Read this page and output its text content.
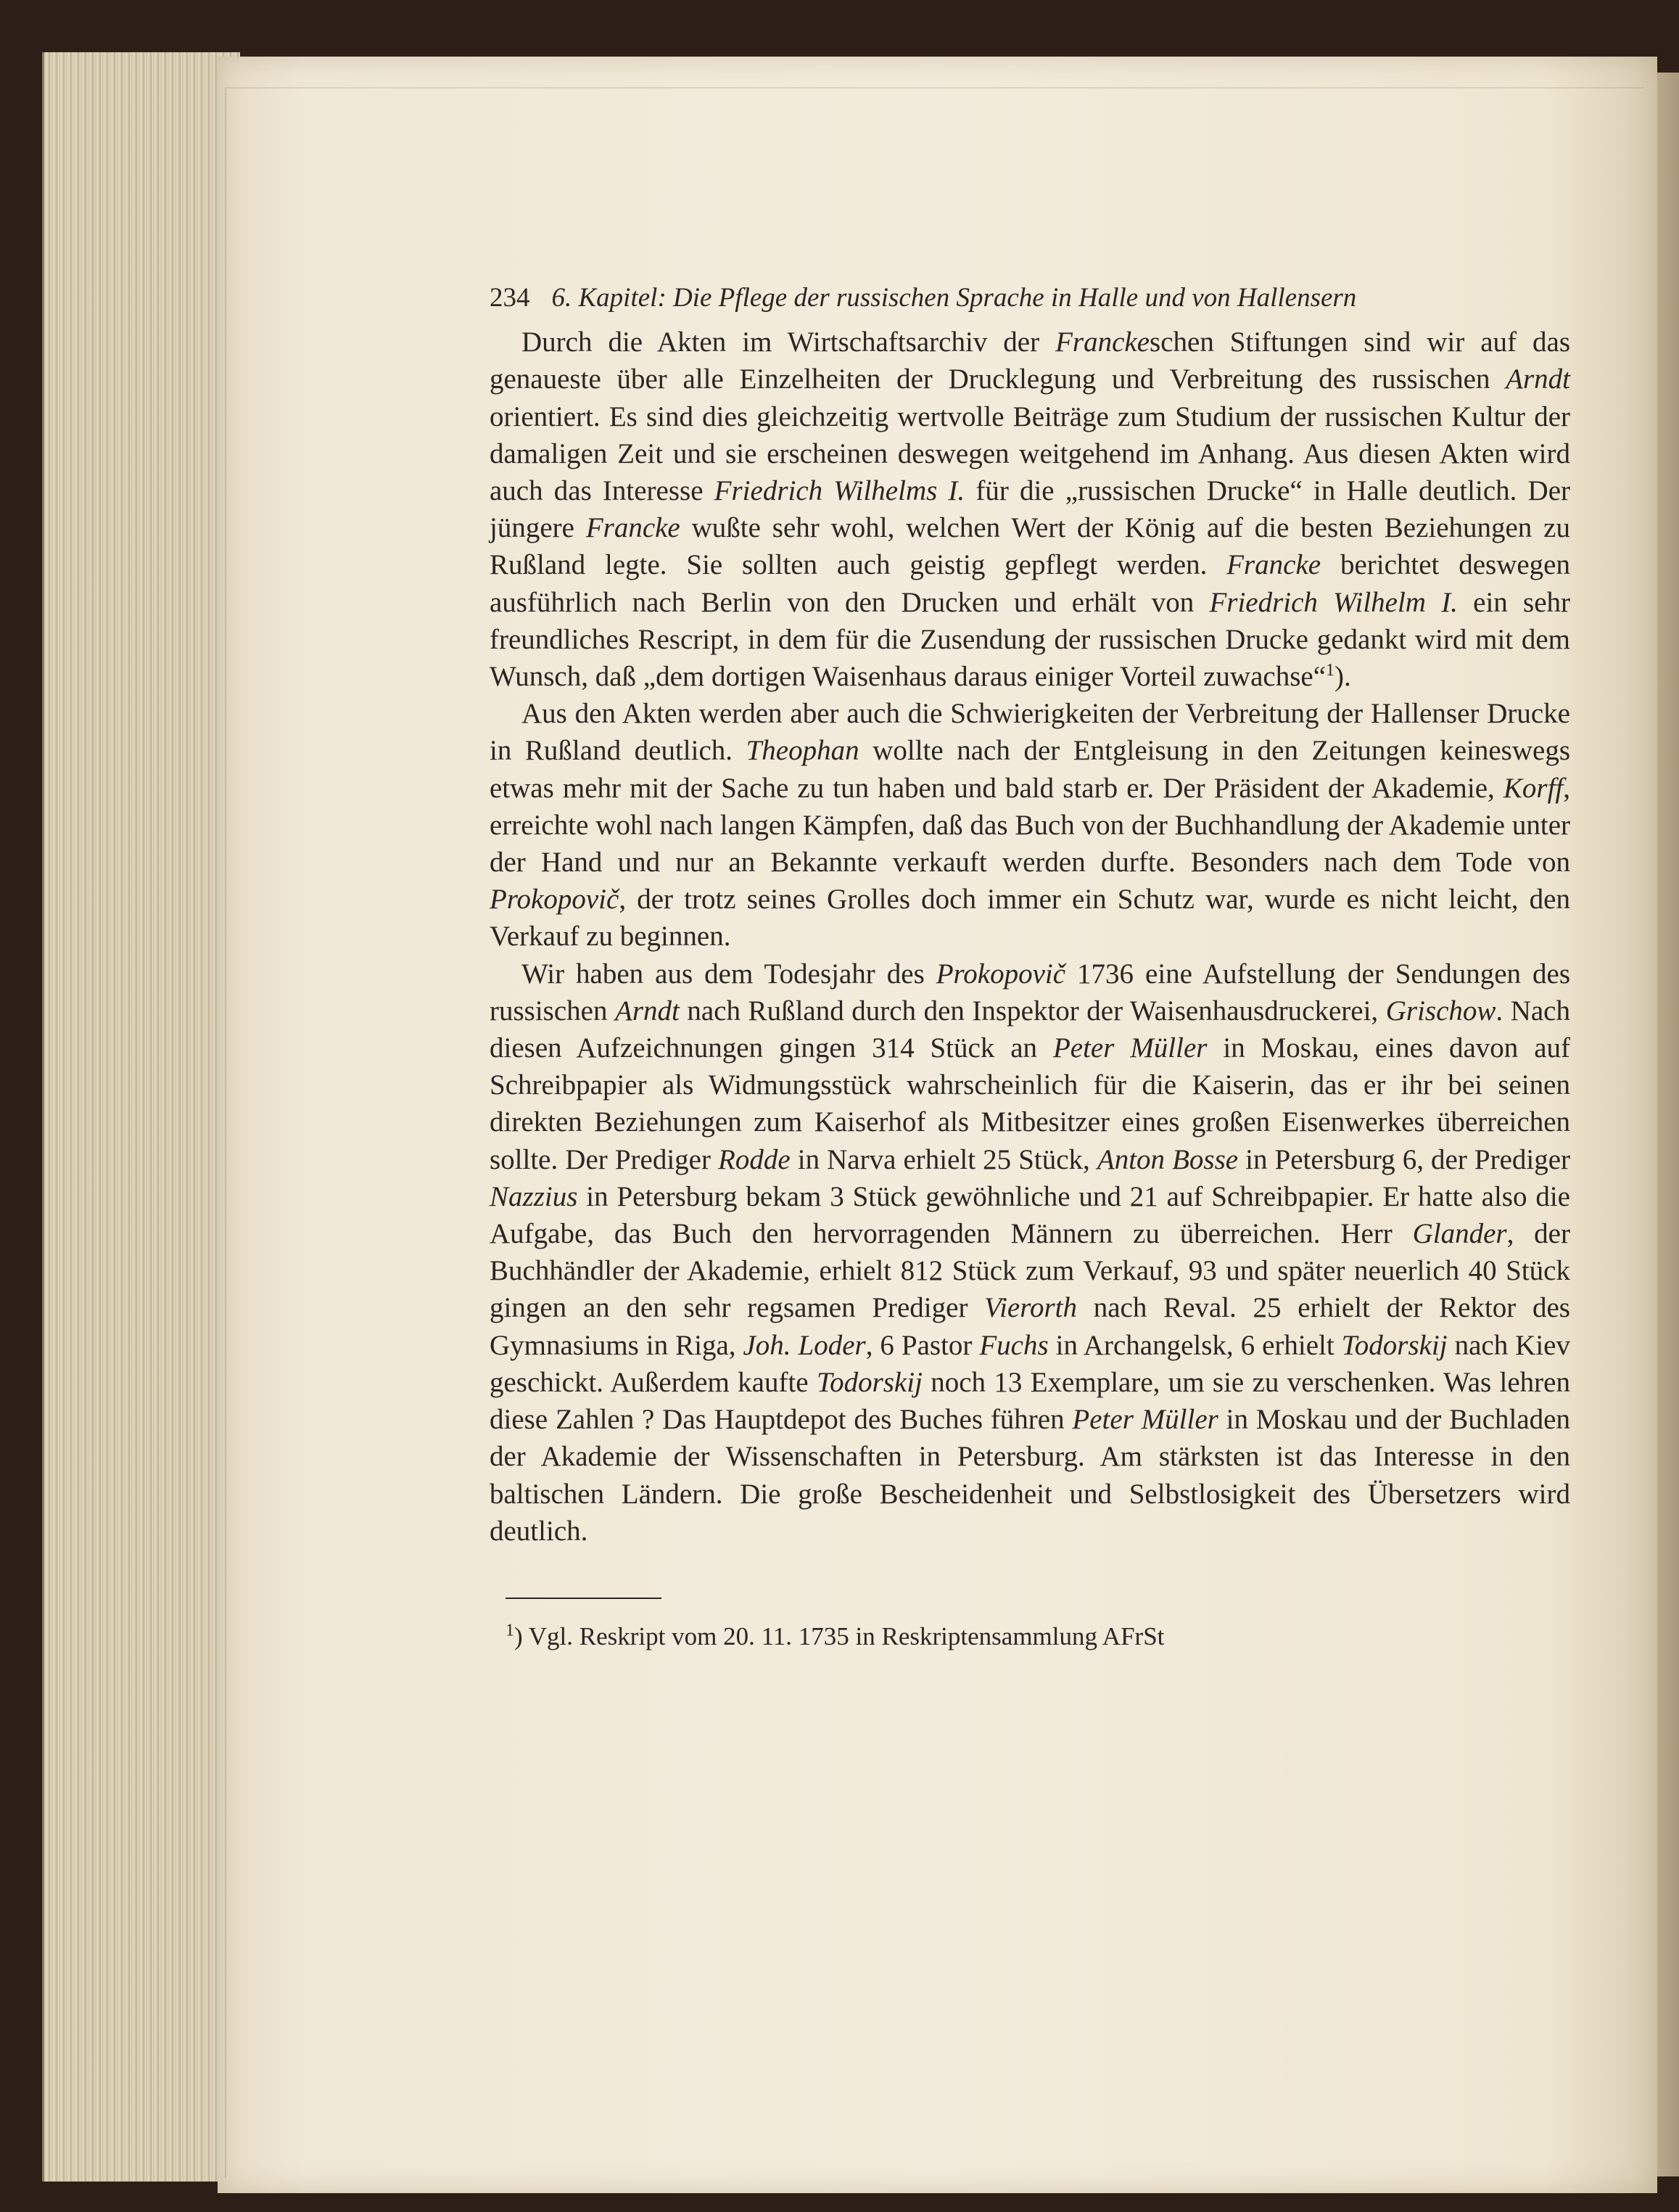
234 6. Kapitel: Die Pflege der russischen Sprache in Halle und von Hallensern

Durch die Akten im Wirtschaftsarchiv der Franckeschen Stiftungen sind wir auf das genaueste über alle Einzelheiten der Drucklegung und Verbreitung des russischen Arndt orientiert. Es sind dies gleichzeitig wertvolle Beiträge zum Studium der russischen Kultur der damaligen Zeit und sie erscheinen deswegen weitgehend im Anhang. Aus diesen Akten wird auch das Interesse Friedrich Wilhelms I. für die „russischen Drucke“ in Halle deutlich. Der jüngere Francke wußte sehr wohl, welchen Wert der König auf die besten Beziehungen zu Rußland legte. Sie sollten auch geistig gepflegt werden. Francke berichtet deswegen ausführlich nach Berlin von den Drucken und erhält von Friedrich Wilhelm I. ein sehr freundliches Rescript, in dem für die Zusendung der russischen Drucke gedankt wird mit dem Wunsch, daß „dem dortigen Waisenhaus daraus einiger Vorteil zuwachse“$^1$).

Aus den Akten werden aber auch die Schwierigkeiten der Verbreitung der Hallenser Drucke in Rußland deutlich. Theophan wollte nach der Entgleisung in den Zeitungen keineswegs etwas mehr mit der Sache zu tun haben und bald starb er. Der Präsident der Akademie, Korff, erreichte wohl nach langen Kämpfen, daß das Buch von der Buchhandlung der Akademie unter der Hand und nur an Bekannte verkauft werden durfte. Besonders nach dem Tode von Prokopovič, der trotz seines Grolles doch immer ein Schutz war, wurde es nicht leicht, den Verkauf zu beginnen.

Wir haben aus dem Todesjahr des Prokopovič 1736 eine Aufstellung der Sendungen des russischen Arndt nach Rußland durch den Inspektor der Waisenhausdruckerei, Grischow. Nach diesen Aufzeichnungen gingen 314 Stück an Peter Müller in Moskau, eines davon auf Schreibpapier als Widmungsstück wahrscheinlich für die Kaiserin, das er ihr bei seinen direkten Beziehungen zum Kaiserhof als Mitbesitzer eines großen Eisenwerkes überreichen sollte. Der Prediger Rodde in Narva erhielt 25 Stück, Anton Bosse in Petersburg 6, der Prediger Nazzius in Petersburg bekam 3 Stück gewöhnliche und 21 auf Schreibpapier. Er hatte also die Aufgabe, das Buch den hervorragenden Männern zu überreichen. Herr Glander, der Buchhändler der Akademie, erhielt 812 Stück zum Verkauf, 93 und später neuerlich 40 Stück gingen an den sehr regsamen Prediger Vierorth nach Reval. 25 erhielt der Rektor des Gymnasiums in Riga, Joh. Loder, 6 Pastor Fuchs in Archangelsk, 6 erhielt Todorskij nach Kiev geschickt. Außerdem kaufte Todorskij noch 13 Exemplare, um sie zu verschenken. Was lehren diese Zahlen ? Das Hauptdepot des Buches führen Peter Müller in Moskau und der Buchladen der Akademie der Wissenschaften in Petersburg. Am stärksten ist das Interesse in den baltischen Ländern. Die große Bescheidenheit und Selbstlosigkeit des Übersetzers wird deutlich.

$^1$) Vgl. Reskript vom 20. 11. 1735 in Reskriptensammlung AFrSt
